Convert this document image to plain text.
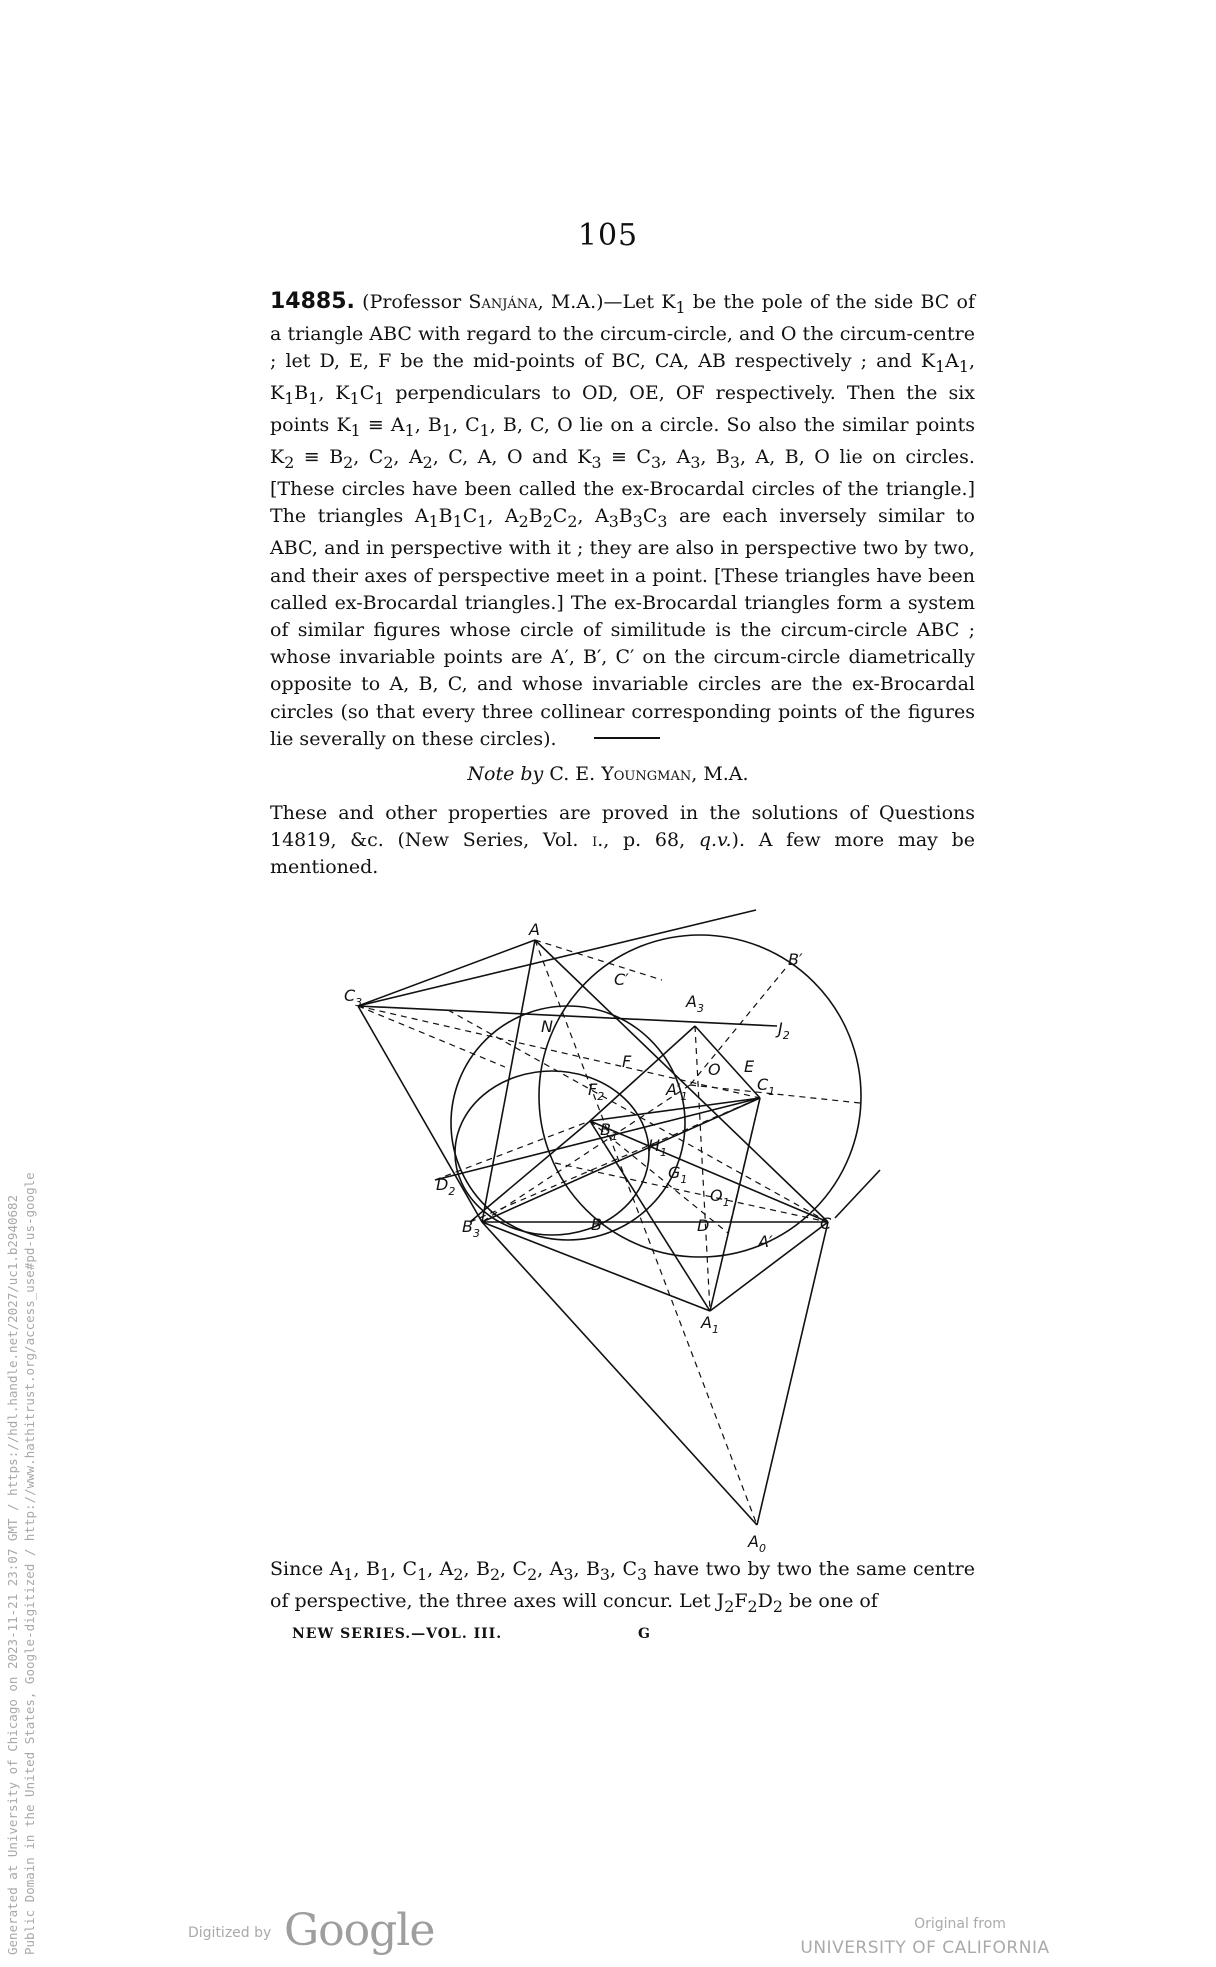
105

14885. (Professor Sanjána, M.A.)—Let $K_1$ be the pole of the side BC of a triangle ABC with regard to the circum-circle, and O the circum-centre ; let D, E, F be the mid-points of BC, CA, AB respectively ; and $K_1A_1$, $K_1B_1$, $K_1C_1$ perpendiculars to OD, OE, OF respectively. Then the six points $K_1 \equiv A_1$, $B_1$, $C_1$, B, C, O lie on a circle. So also the similar points $K_2 \equiv B_2$, $C_2$, $A_2$, C, A, O and $K_3 \equiv C_3$, $A_3$, $B_3$, A, B, O lie on circles. [These circles have been called the ex-Brocardal circles of the triangle.] The triangles $A_1B_1C_1$, $A_2B_2C_2$, $A_3B_3C_3$ are each inversely similar to ABC, and in perspective with it ; they are also in perspective two by two, and their axes of perspective meet in a point. [These triangles have been called ex-Brocardal triangles.] The ex-Brocardal triangles form a system of similar figures whose circle of similitude is the circum-circle ABC ; whose invariable points are A′, B′, C′ on the circum-circle diametrically opposite to A, B, C, and whose invariable circles are the ex-Brocardal circles (so that every three collinear corresponding points of the figures lie severally on these circles).

Note by C. E. Youngman, M.A.

These and other properties are proved in the solutions of Questions 14819, &c. (New Series, Vol. i., p. 68, q.v.). A few more may be mentioned.

A
B′
C′
$C_3$	$A_3$
N	$J_2$
F	O E
$C_1$
$F_2$	$A'_1$
$B_1$ $H_1$
$G_1$
$O_1$
$D_2$
$B_3$	B	D
A′
C
$A_1$
$A_0$

Since $A_1$, $B_1$, $C_1$, $A_2$, $B_2$, $C_2$, $A_3$, $B_3$, $C_3$ have two by two the same centre of perspective, the three axes will concur. Let $J_2F_2D_2$ be one of

NEW SERIES.—VOL. III.	G
Generated at University of Chicago on 2023-11-21 23:07 GMT / https://hdl.handle.net/2027/uc1.b2940682 Public Domain in the United States, Google-digitized / http://www.hathitrust.org/access_use#pd-us-google	Digitized by Google	Original from
UNIVERSITY OF CALIFORNIA
